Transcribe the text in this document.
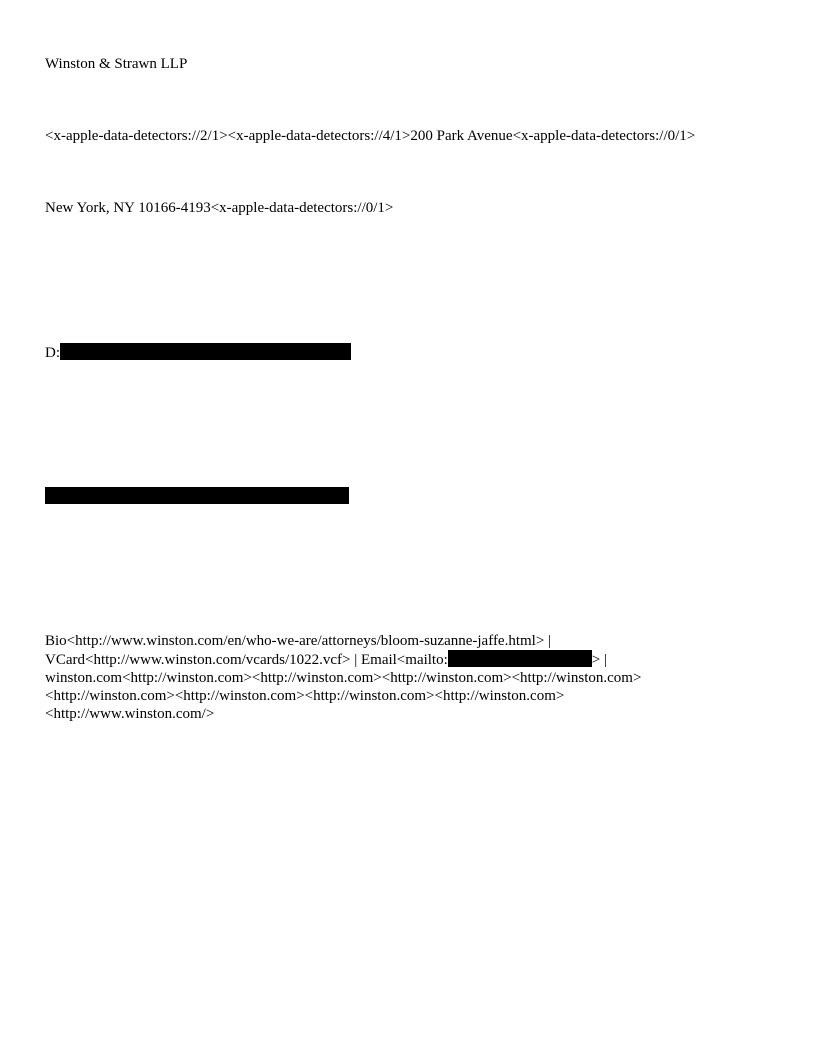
Winston & Strawn LLP
<x-apple-data-detectors://2/1><x-apple-data-detectors://4/1>200 Park Avenue<x-apple-data-detectors://0/1>
New York, NY 10166-4193<x-apple-data-detectors://0/1>
D:
Bio<http://www.winston.com/en/who-we-are/attorneys/bloom-suzanne-jaffe.html> |
VCard<http://www.winston.com/vcards/1022.vcf> | Email<mailto:	> |
winston.com<http://winston.com><http://winston.com><http://winston.com><http://winston.com>
<http://winston.com><http://winston.com><http://winston.com><http://winston.com>
<http://www.winston.com/>
